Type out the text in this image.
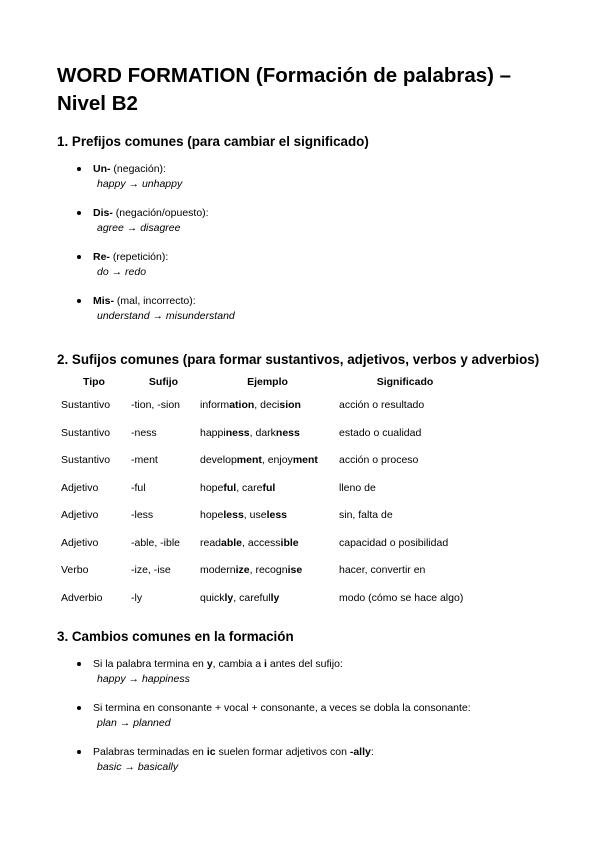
WORD FORMATION (Formación de palabras) – Nivel B2
1. Prefijos comunes (para cambiar el significado)
Un- (negación):
happy → unhappy
Dis- (negación/opuesto):
agree → disagree
Re- (repetición):
do → redo
Mis- (mal, incorrecto):
understand → misunderstand
2. Sufijos comunes (para formar sustantivos, adjetivos, verbos y adverbios)
Tipo	Sufijo	Ejemplo	Significado
Sustantivo	-tion, -sion	information, decision	acción o resultado
Sustantivo	-ness	happiness, darkness	estado o cualidad
Sustantivo	-ment	development, enjoyment	acción o proceso
Adjetivo	-ful	hopeful, careful	lleno de
Adjetivo	-less	hopeless, useless	sin, falta de
Adjetivo	-able, -ible	readable, accessible	capacidad o posibilidad
Verbo	-ize, -ise	modernize, recognise	hacer, convertir en
Adverbio	-ly	quickly, carefully	modo (cómo se hace algo)
3. Cambios comunes en la formación
Si la palabra termina en y, cambia a i antes del sufijo:
happy → happiness
Si termina en consonante + vocal + consonante, a veces se dobla la consonante:
plan → planned
Palabras terminadas en ic suelen formar adjetivos con -ally:
basic → basically
